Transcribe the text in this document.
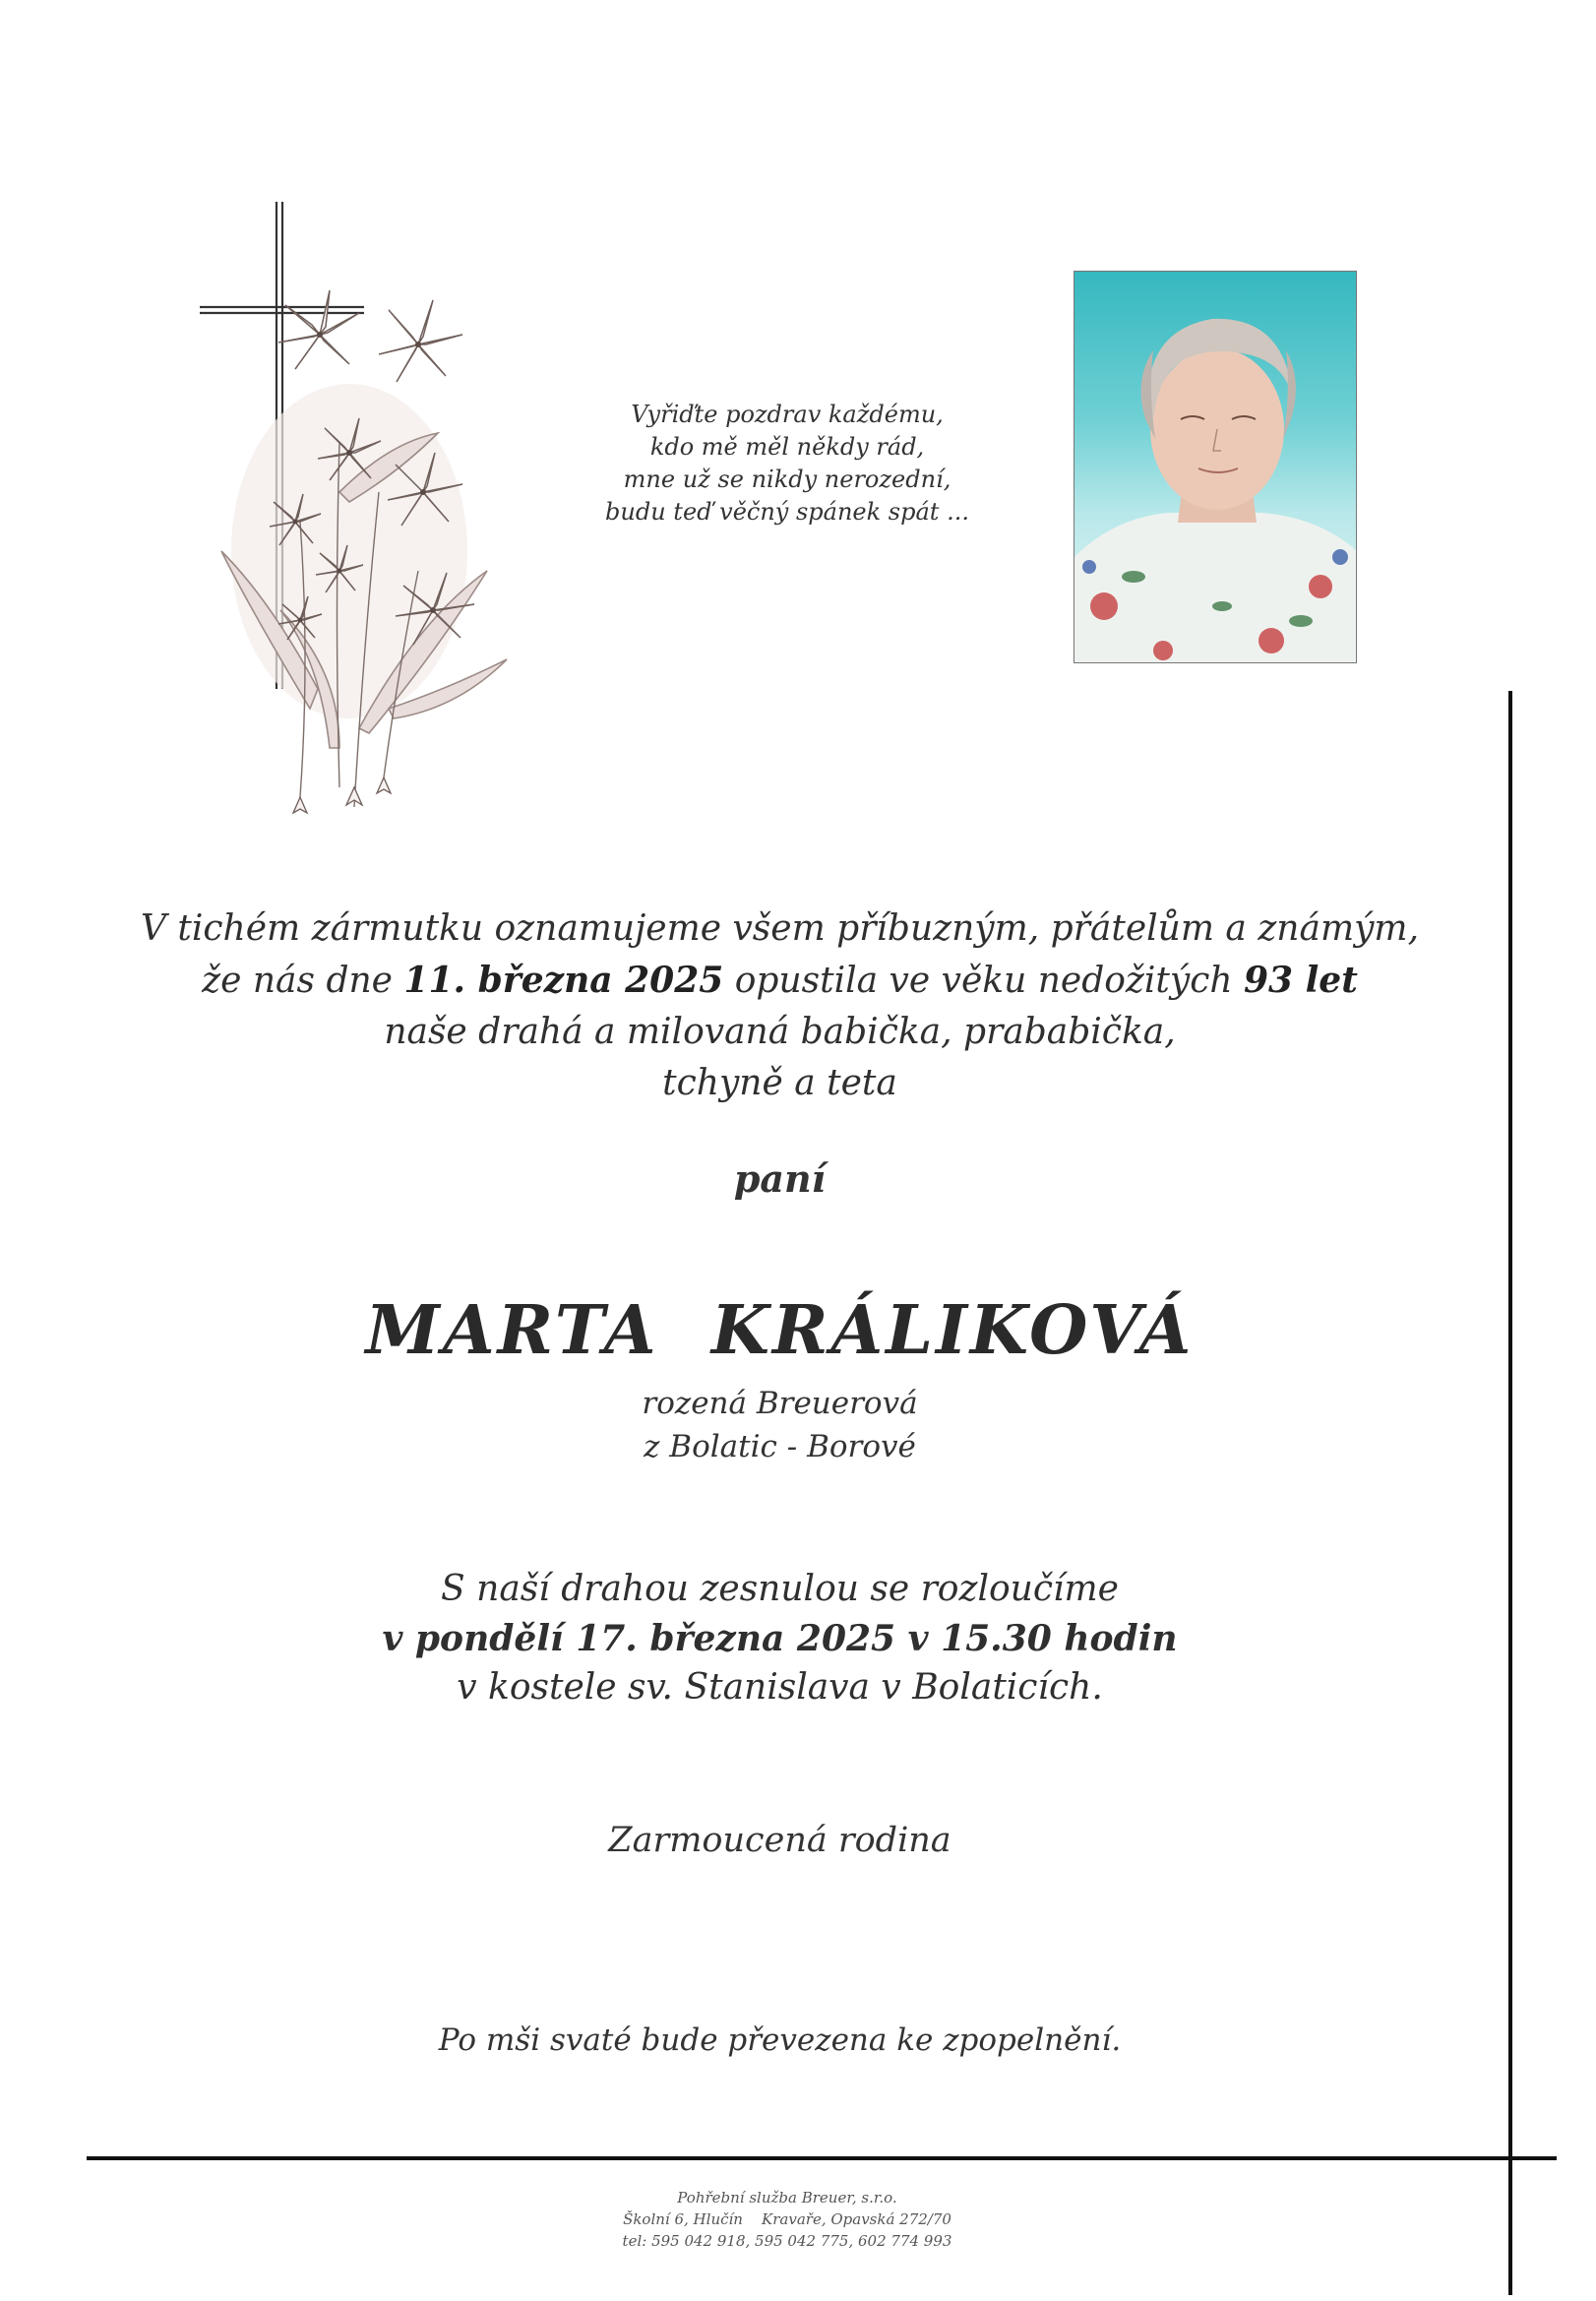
Vyřiďte pozdrav každému,
kdo mě měl někdy rád,
mne už se nikdy nerozední,
budu teď věčný spánek spát ...
V tichém zármutku oznamujeme všem příbuzným, přátelům a známým,
že nás dne 11. března 2025 opustila ve věku nedožitých 93 let
naše drahá a milovaná babička, prababička,
tchyně a teta
paní
MARTA  KRÁLIKOVÁ
rozená Breuerová
z Bolatic - Borové
S naší drahou zesnulou se rozloučíme
v pondělí 17. března 2025 v 15.30 hodin
v kostele sv. Stanislava v Bolaticích.
Zarmoucená rodina
Po mši svaté bude převezena ke zpopelnění.
Pohřební služba Breuer, s.r.o.
Školní 6, Hlučín    Kravaře, Opavská 272/70
tel: 595 042 918, 595 042 775, 602 774 993
